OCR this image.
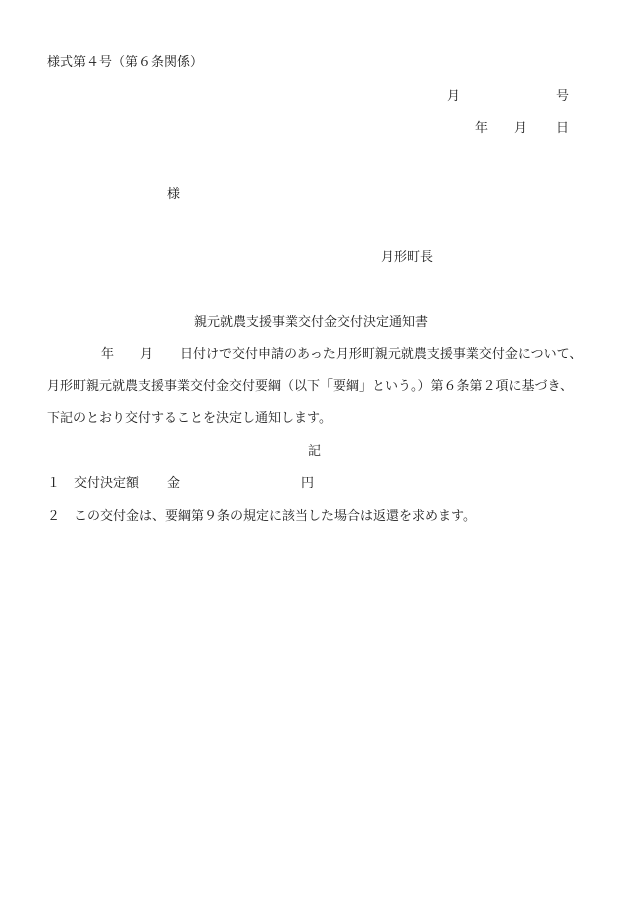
様式第４号（第６条関係）
月	号
年 月 日
様
月形町長
親元就農支援事業交付金交付決定通知書
年 月 日付けで交付申請のあった月形町親元就農支援事業交付金について、
月形町親元就農支援事業交付金交付要綱（以下「要綱」という。）第６条第２項に基づき、
下記のとおり交付することを決定し通知します。
記
１ 交付決定額 金	円
２ この交付金は、要綱第９条の規定に該当した場合は返還を求めます。
